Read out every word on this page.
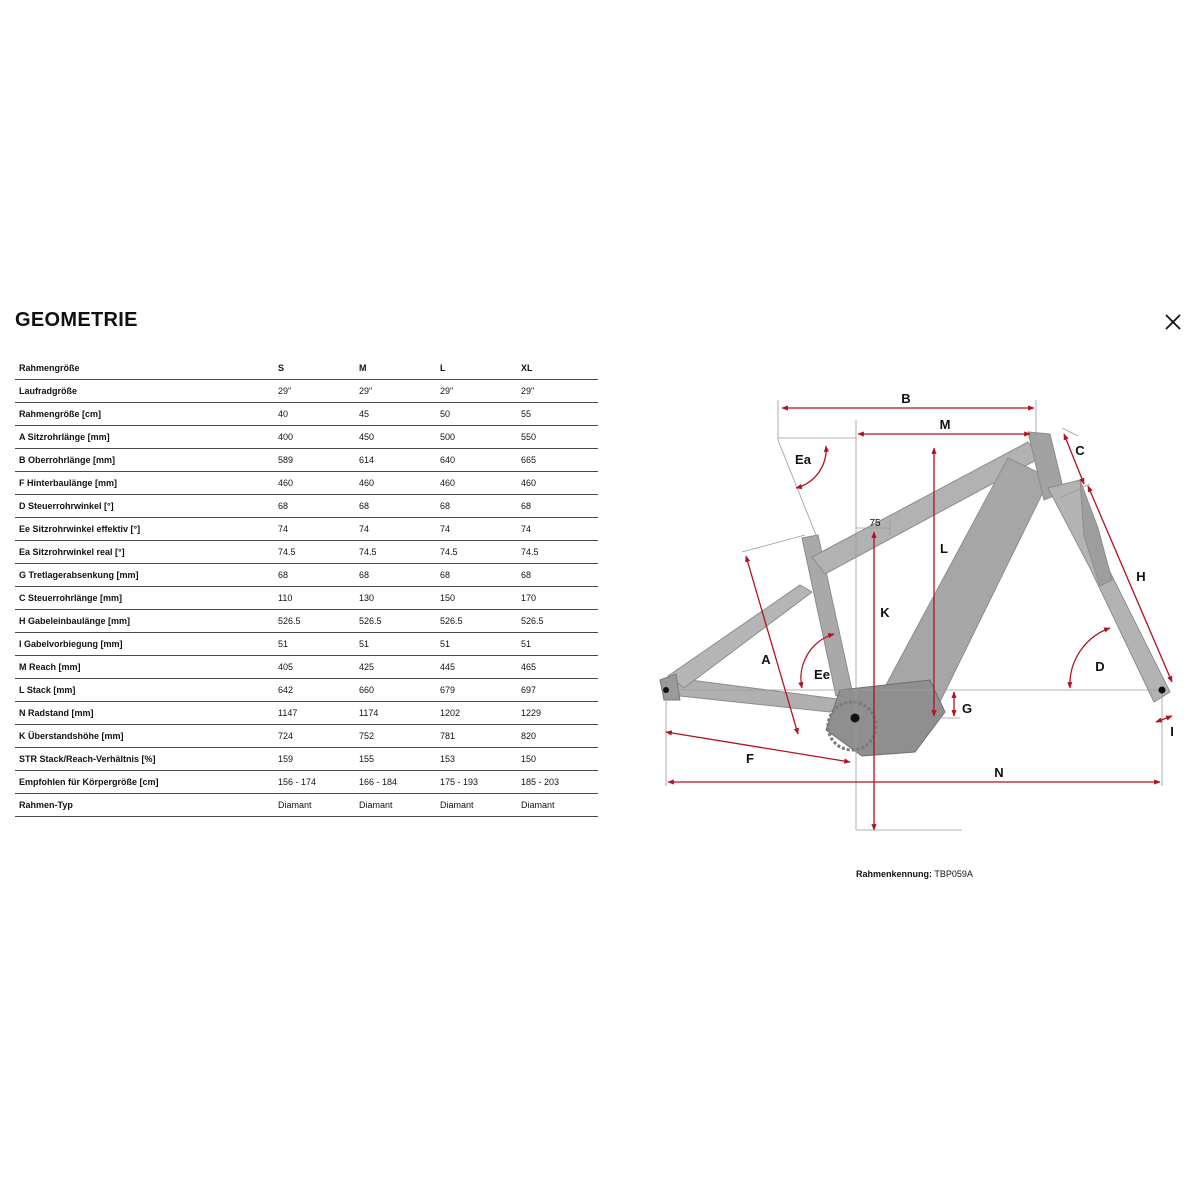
GEOMETRIE
Rahmengröße	S	M	L	XL
Laufradgröße	29"	29"	29"	29"
Rahmengröße [cm]	40	45	50	55
A Sitzrohrlänge [mm]	400	450	500	550
B Oberrohrlänge [mm]	589	614	640	665
F Hinterbaulänge [mm]	460	460	460	460
D Steuerrohrwinkel [°]	68	68	68	68
Ee Sitzrohrwinkel effektiv [°]	74	74	74	74
Ea Sitzrohrwinkel real [°]	74.5	74.5	74.5	74.5
G Tretlagerabsenkung [mm]	68	68	68	68
C Steuerrohrlänge [mm]	110	130	150	170
H Gabeleinbaulänge [mm]	526.5	526.5	526.5	526.5
I Gabelvorbiegung [mm]	51	51	51	51
M Reach [mm]	405	425	445	465
L Stack [mm]	642	660	679	697
N Radstand [mm]	1147	1174	1202	1229
K Überstandshöhe [mm]	724	752	781	820
STR Stack/Reach-Verhältnis [%]	159	155	153	150
Empfohlen für Körpergröße [cm]	156 - 174	166 - 184	175 - 193	185 - 203
Rahmen-Typ	Diamant	Diamant	Diamant	Diamant
B
M
Ea
C
L
H
K
A
Ee
D
G
I
F
N
75
Rahmenkennung: TBP059A
